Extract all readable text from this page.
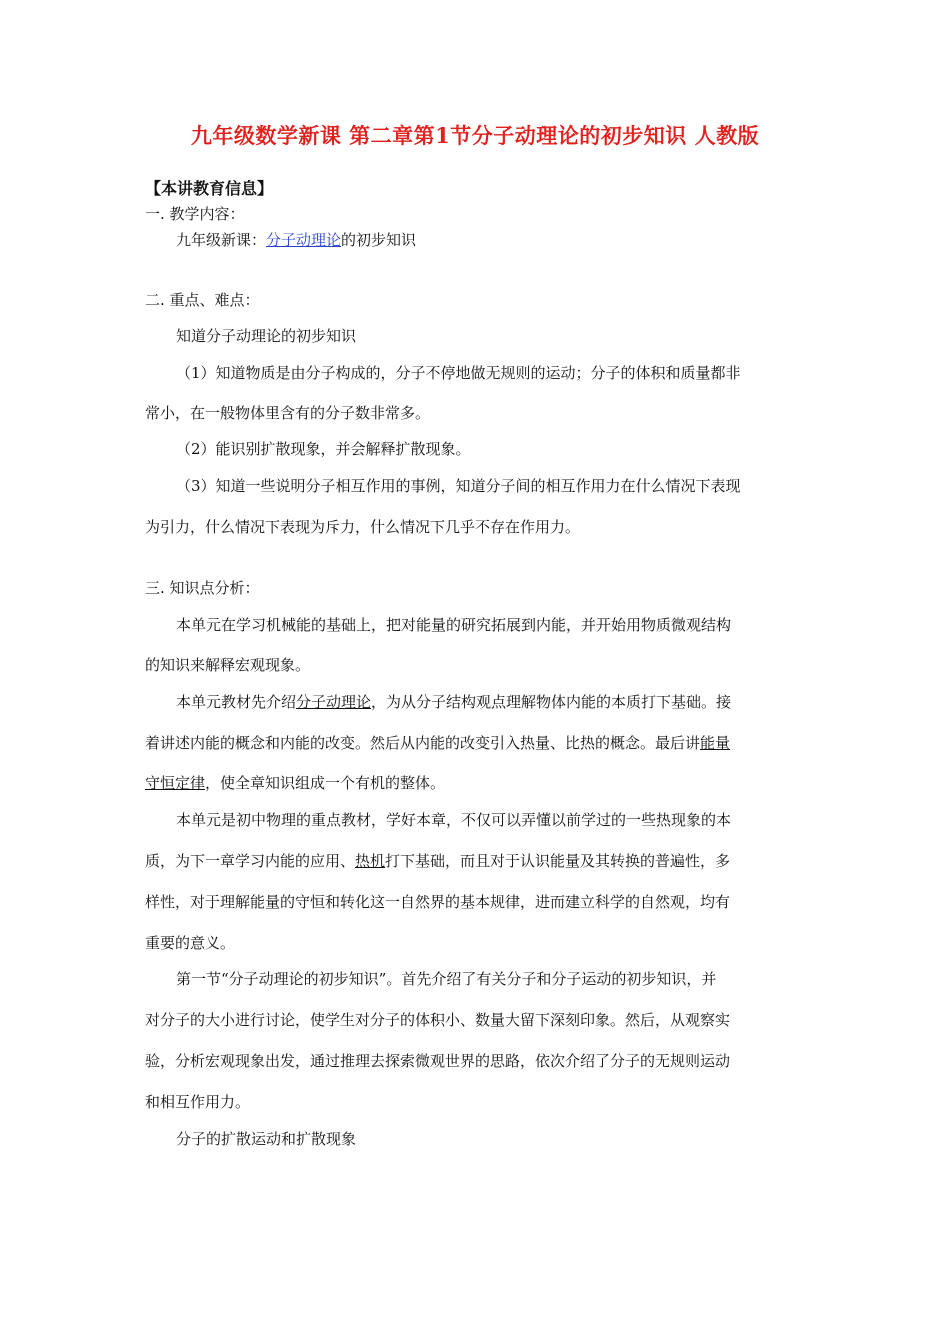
九年级数学新课 第二章第1节分子动理论的初步知识 人教版
【本讲教育信息】
一. 教学内容：
九年级新课：分子动理论的初步知识
二. 重点、难点：
知道分子动理论的初步知识
（1）知道物质是由分子构成的，分子不停地做无规则的运动；分子的体积和质量都非
常小，在一般物体里含有的分子数非常多。
（2）能识别扩散现象，并会解释扩散现象。
（3）知道一些说明分子相互作用的事例，知道分子间的相互作用力在什么情况下表现
为引力，什么情况下表现为斥力，什么情况下几乎不存在作用力。
三. 知识点分析：
本单元在学习机械能的基础上，把对能量的研究拓展到内能，并开始用物质微观结构
的知识来解释宏观现象。
本单元教材先介绍分子动理论，为从分子结构观点理解物体内能的本质打下基础。接
着讲述内能的概念和内能的改变。然后从内能的改变引入热量、比热的概念。最后讲能量
守恒定律，使全章知识组成一个有机的整体。
本单元是初中物理的重点教材，学好本章，不仅可以弄懂以前学过的一些热现象的本
质，为下一章学习内能的应用、热机打下基础，而且对于认识能量及其转换的普遍性，多
样性，对于理解能量的守恒和转化这一自然界的基本规律，进而建立科学的自然观，均有
重要的意义。
第一节“分子动理论的初步知识”。首先介绍了有关分子和分子运动的初步知识，并
对分子的大小进行讨论，使学生对分子的体积小、数量大留下深刻印象。然后，从观察实
验，分析宏观现象出发，通过推理去探索微观世界的思路，依次介绍了分子的无规则运动
和相互作用力。
分子的扩散运动和扩散现象
